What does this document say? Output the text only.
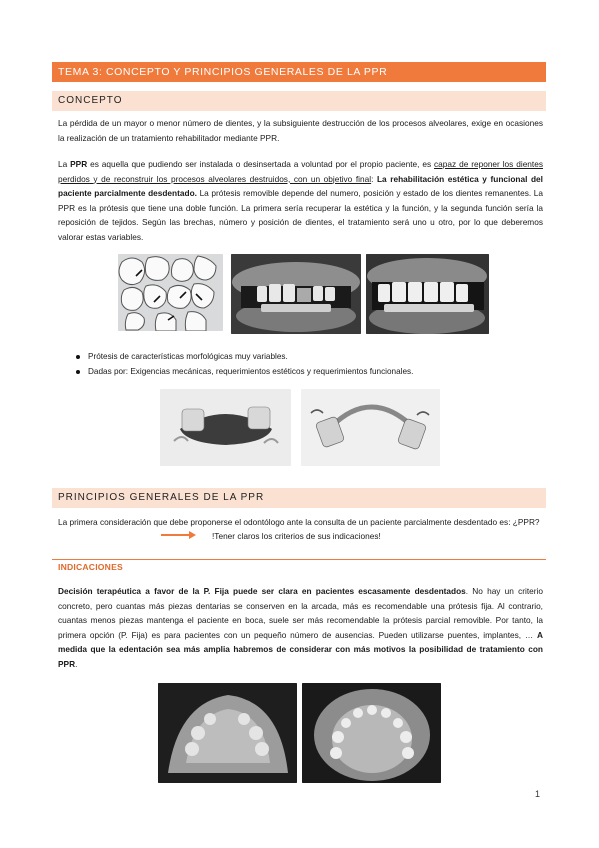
TEMA 3: CONCEPTO Y PRINCIPIOS GENERALES DE LA PPR
CONCEPTO

La pérdida de un mayor o menor número de dientes, y la subsiguiente destrucción de los procesos alveolares, exige en ocasiones la realización de un tratamiento rehabilitador mediante PPR.

La PPR es aquella que pudiendo ser instalada o desinsertada a voluntad por el propio paciente, es capaz de reponer los dientes perdidos y de reconstruir los procesos alveolares destruidos, con un objetivo final: La rehabilitación estética y funcional del paciente parcialmente desdentado. La prótesis removible depende del numero, posición y estado de los dientes remanentes. La PPR es la prótesis que tiene una doble función. La primera sería recuperar la estética y la función, y la segunda función sería la reposición de tejidos. Según las brechas, número y posición de dientes, el tratamiento será uno u otro, por lo que deberemos valorar estas variables.

Prótesis de características morfológicas muy variables.
Dadas por: Exigencias mecánicas, requerimientos estéticos y requerimientos funcionales.
PRINCIPIOS GENERALES DE LA PPR

La primera consideración que debe proponerse el odontólogo ante la consulta de un paciente parcialmente desdentado es: ¿PPR?

!Tener claros los criterios de sus indicaciones!
INDICACIONES

Decisión terapéutica a favor de la P. Fija puede ser clara en pacientes escasamente desdentados. No hay un criterio concreto, pero cuantas más piezas dentarias se conserven en la arcada, más es recomendable una prótesis fija. Al contrario, cuantas menos piezas mantenga el paciente en boca, suele ser más recomendable la prótesis parcial removible. Por tanto, la primera opción (P. Fija) es para pacientes con un pequeño número de ausencias. Pueden utilizarse puentes, implantes, … A medida que la edentación sea más amplia habremos de considerar con más motivos la posibilidad de tratamiento con PPR.

1
